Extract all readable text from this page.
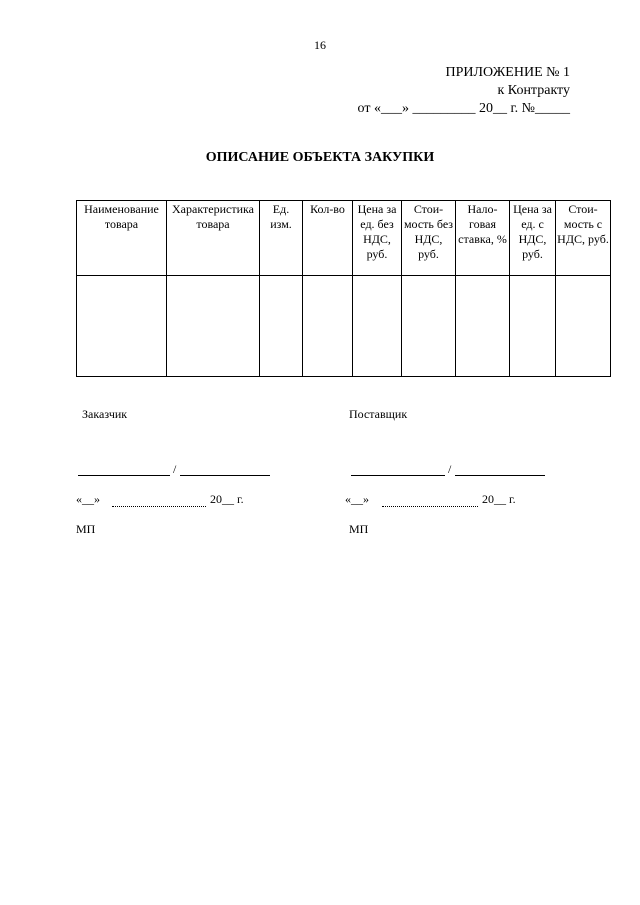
16
ПРИЛОЖЕНИЕ № 1
к Контракту
от «___» _________ 20__ г. №_____
ОПИСАНИЕ ОБЪЕКТА ЗАКУПКИ
Наименование товара	Характеристика товара	Ед. изм.	Кол-во	Цена за ед. без НДС, руб.	Стои- мость без НДС, руб.	Нало- говая ставка, %	Цена за ед. с НДС, руб.	Стои- мость с НДС, руб.

Заказчик
/
«__»	20__ г.
МП
Поставщик
/
«__»	20__ г.
МП
